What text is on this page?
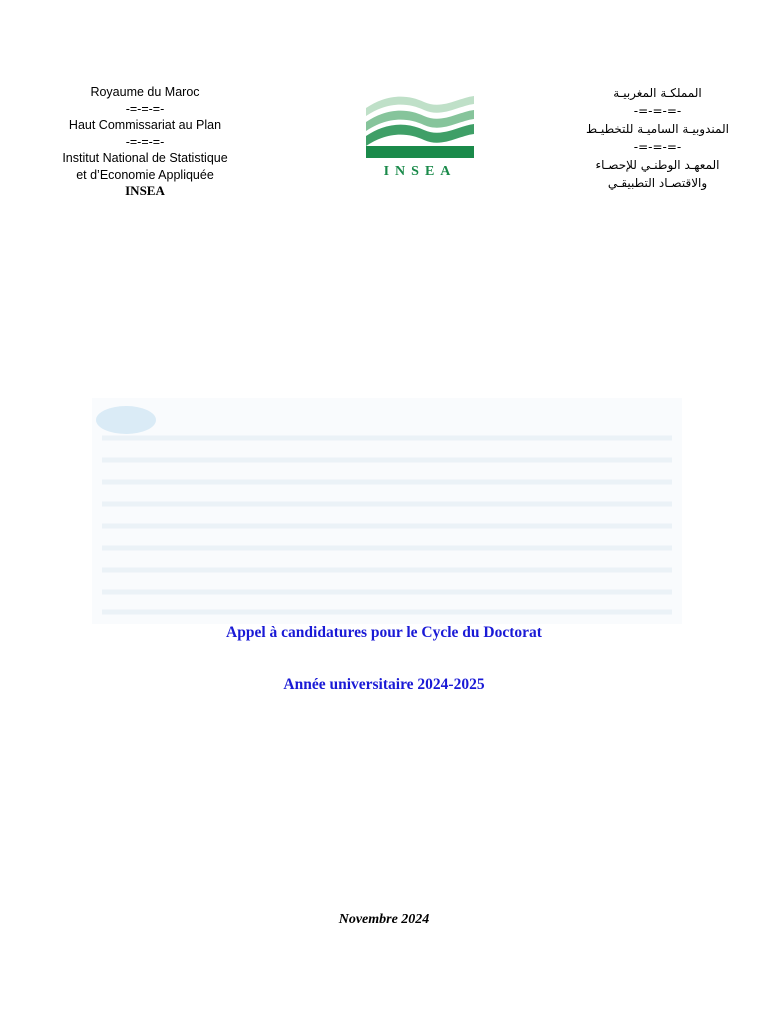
Royaume du Maroc
-=-=-=-
Haut Commissariat au Plan
-=-=-=-
Institut National de Statistique
et d’Economie Appliquée
INSEA
INSEA
المملكـة المغربيـة
-=-=-=-
المندوبيـة الساميـة للتخطيـط
-=-=-=-
المعهـد الوطنـي للإحصـاء
والاقتصـاد التطبيقـي
Appel à candidatures pour le Cycle du Doctorat
Année universitaire 2024-2025
Novembre 2024
